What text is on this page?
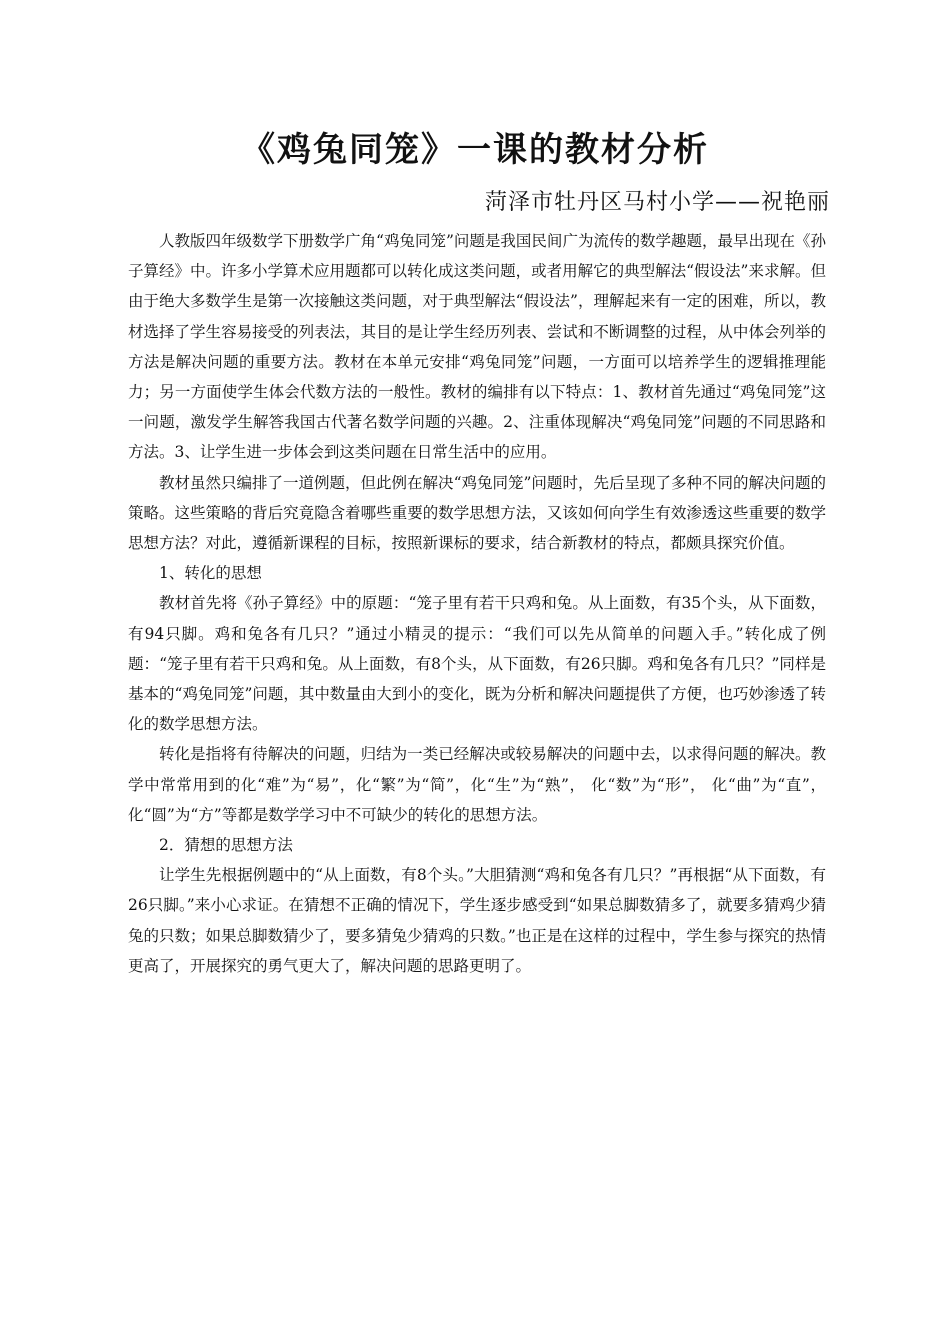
《鸡兔同笼》一课的教材分析
菏泽市牡丹区马村小学——祝艳丽

人教版四年级数学下册数学广角“鸡兔同笼”问题是我国民间广为流传的数学趣题，最早出现在《孙子算经》中。许多小学算术应用题都可以转化成这类问题，或者用解它的典型解法“假设法”来求解。但由于绝大多数学生是第一次接触这类问题，对于典型解法“假设法”，理解起来有一定的困难，所以，教材选择了学生容易接受的列表法，其目的是让学生经历列表、尝试和不断调整的过程，从中体会列举的方法是解决问题的重要方法。教材在本单元安排“鸡兔同笼”问题，一方面可以培养学生的逻辑推理能力；另一方面使学生体会代数方法的一般性。教材的编排有以下特点：1、教材首先通过“鸡兔同笼”这一问题，激发学生解答我国古代著名数学问题的兴趣。2、注重体现解决“鸡兔同笼”问题的不同思路和方法。3、让学生进一步体会到这类问题在日常生活中的应用。

教材虽然只编排了一道例题，但此例在解决“鸡兔同笼”问题时，先后呈现了多种不同的解决问题的策略。这些策略的背后究竟隐含着哪些重要的数学思想方法，又该如何向学生有效渗透这些重要的数学思想方法？对此，遵循新课程的目标，按照新课标的要求，结合新教材的特点，都颇具探究价值。

1、转化的思想

教材首先将《孙子算经》中的原题：“笼子里有若干只鸡和兔。从上面数，有35个头，从下面数，有94只脚。鸡和兔各有几只？”通过小精灵的提示：“我们可以先从简单的问题入手。”转化成了例题：“笼子里有若干只鸡和兔。从上面数，有8个头，从下面数，有26只脚。鸡和兔各有几只？”同样是基本的“鸡兔同笼”问题，其中数量由大到小的变化，既为分析和解决问题提供了方便，也巧妙渗透了转化的数学思想方法。

转化是指将有待解决的问题，归结为一类已经解决或较易解决的问题中去，以求得问题的解决。教学中常常用到的化“难”为“易”，化“繁”为“简”，化“生”为“熟”， 化“数”为“形”， 化“曲”为“直”，化“圆”为“方”等都是数学学习中不可缺少的转化的思想方法。

2．猜想的思想方法

让学生先根据例题中的“从上面数，有8个头。”大胆猜测“鸡和兔各有几只？”再根据“从下面数，有26只脚。”来小心求证。在猜想不正确的情况下，学生逐步感受到“如果总脚数猜多了，就要多猜鸡少猜兔的只数；如果总脚数猜少了，要多猜兔少猜鸡的只数。”也正是在这样的过程中，学生参与探究的热情更高了，开展探究的勇气更大了，解决问题的思路更明了。
